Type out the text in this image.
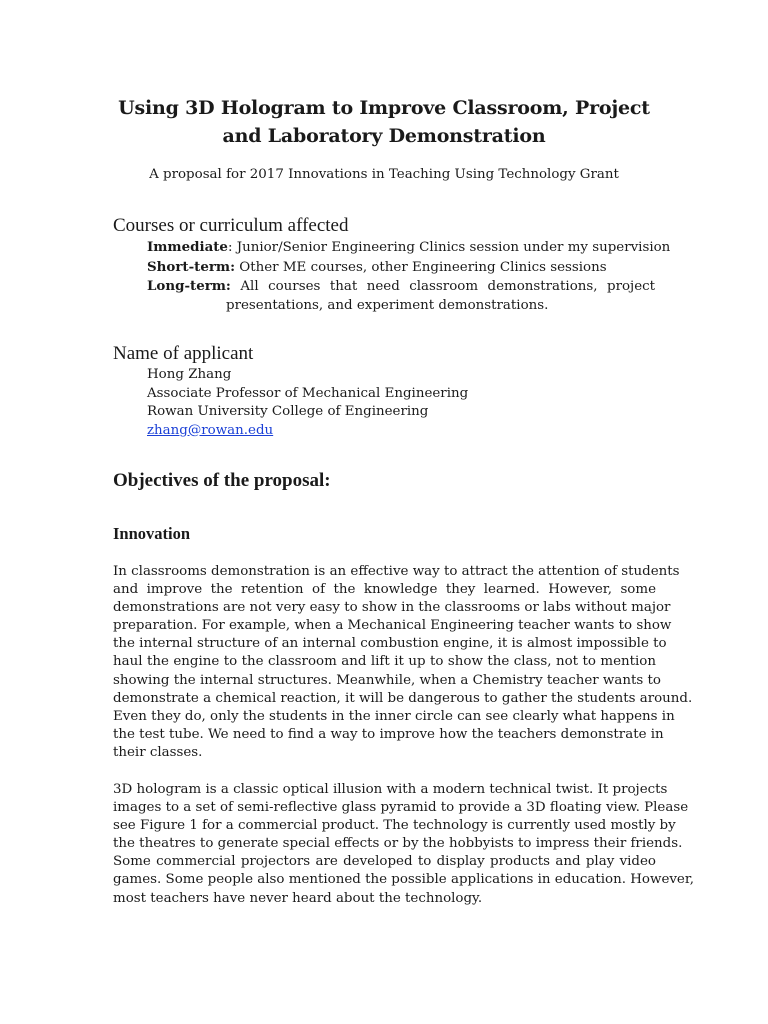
Using 3D Hologram to Improve Classroom, Project
and Laboratory Demonstration
A proposal for 2017 Innovations in Teaching Using Technology Grant
Courses or curriculum affected
Immediate: Junior/Senior Engineering Clinics session under my supervision
Short-term: Other ME courses, other Engineering Clinics sessions
Long-term: All courses that need classroom demonstrations, project
presentations, and experiment demonstrations.
Name of applicant
Hong Zhang
Associate Professor of Mechanical Engineering
Rowan University College of Engineering
zhang@rowan.edu
Objectives of the proposal:
Innovation
In classrooms demonstration is an effective way to attract the attention of students
and improve the retention of the knowledge they learned. However, some
demonstrations are not very easy to show in the classrooms or labs without major
preparation. For example, when a Mechanical Engineering teacher wants to show
the internal structure of an internal combustion engine, it is almost impossible to
haul the engine to the classroom and lift it up to show the class, not to mention
showing the internal structures. Meanwhile, when a Chemistry teacher wants to
demonstrate a chemical reaction, it will be dangerous to gather the students around.
Even they do, only the students in the inner circle can see clearly what happens in
the test tube. We need to find a way to improve how the teachers demonstrate in
their classes.
3D hologram is a classic optical illusion with a modern technical twist. It projects
images to a set of semi-reflective glass pyramid to provide a 3D floating view. Please
see Figure 1 for a commercial product. The technology is currently used mostly by
the theatres to generate special effects or by the hobbyists to impress their friends.
Some commercial projectors are developed to display products and play video
games. Some people also mentioned the possible applications in education. However,
most teachers have never heard about the technology.
